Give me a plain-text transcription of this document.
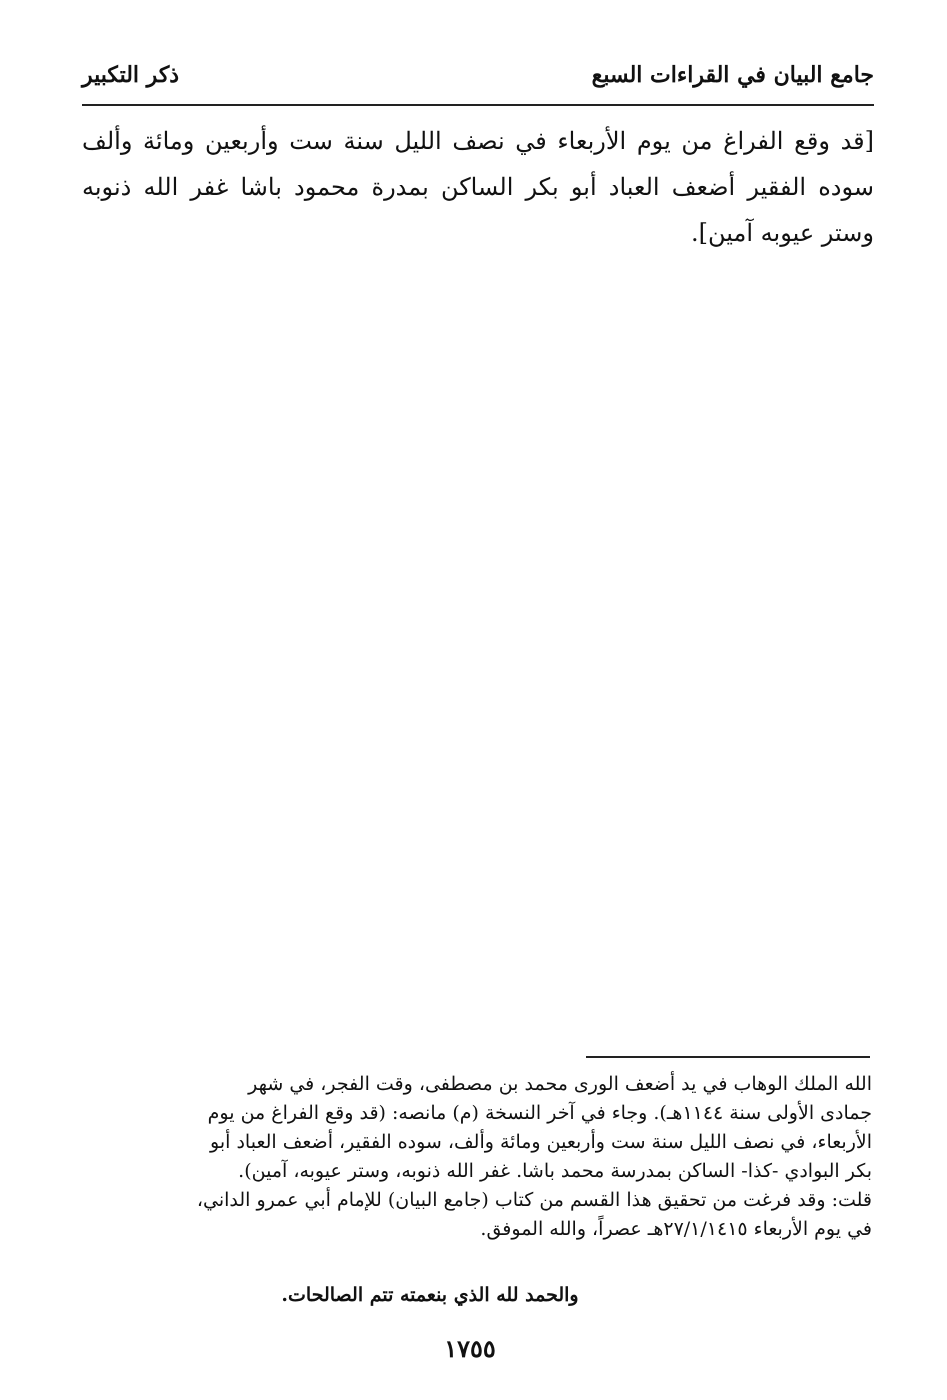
جامع البيان في القراءات السبع
ذكر التكبير
[قد وقع الفراغ من يوم الأربعاء في نصف الليل سنة ست وأربعين ومائة وألف سوده الفقير أضعف العباد أبو بكر الساكن بمدرة محمود باشا غفر الله ذنوبه وستر عيوبه آمين].
الله الملك الوهاب في يد أضعف الورى محمد بن مصطفى، وقت الفجر، في شهر
جمادى الأولى سنة ١١٤٤هـ). وجاء في آخر النسخة (م) مانصه: (قد وقع الفراغ من يوم
الأربعاء، في نصف الليل سنة ست وأربعين ومائة وألف، سوده الفقير، أضعف العباد أبو
بكر البوادي -كذا- الساكن بمدرسة محمد باشا. غفر الله ذنوبه، وستر عيوبه، آمين).
قلت: وقد فرغت من تحقيق هذا القسم من كتاب (جامع البيان) للإمام أبي عمرو الداني،
في يوم الأربعاء ٢٧/١/١٤١٥هـ عصراً، والله الموفق.
والحمد لله الذي بنعمته تتم الصالحات.
١٧٥٥
